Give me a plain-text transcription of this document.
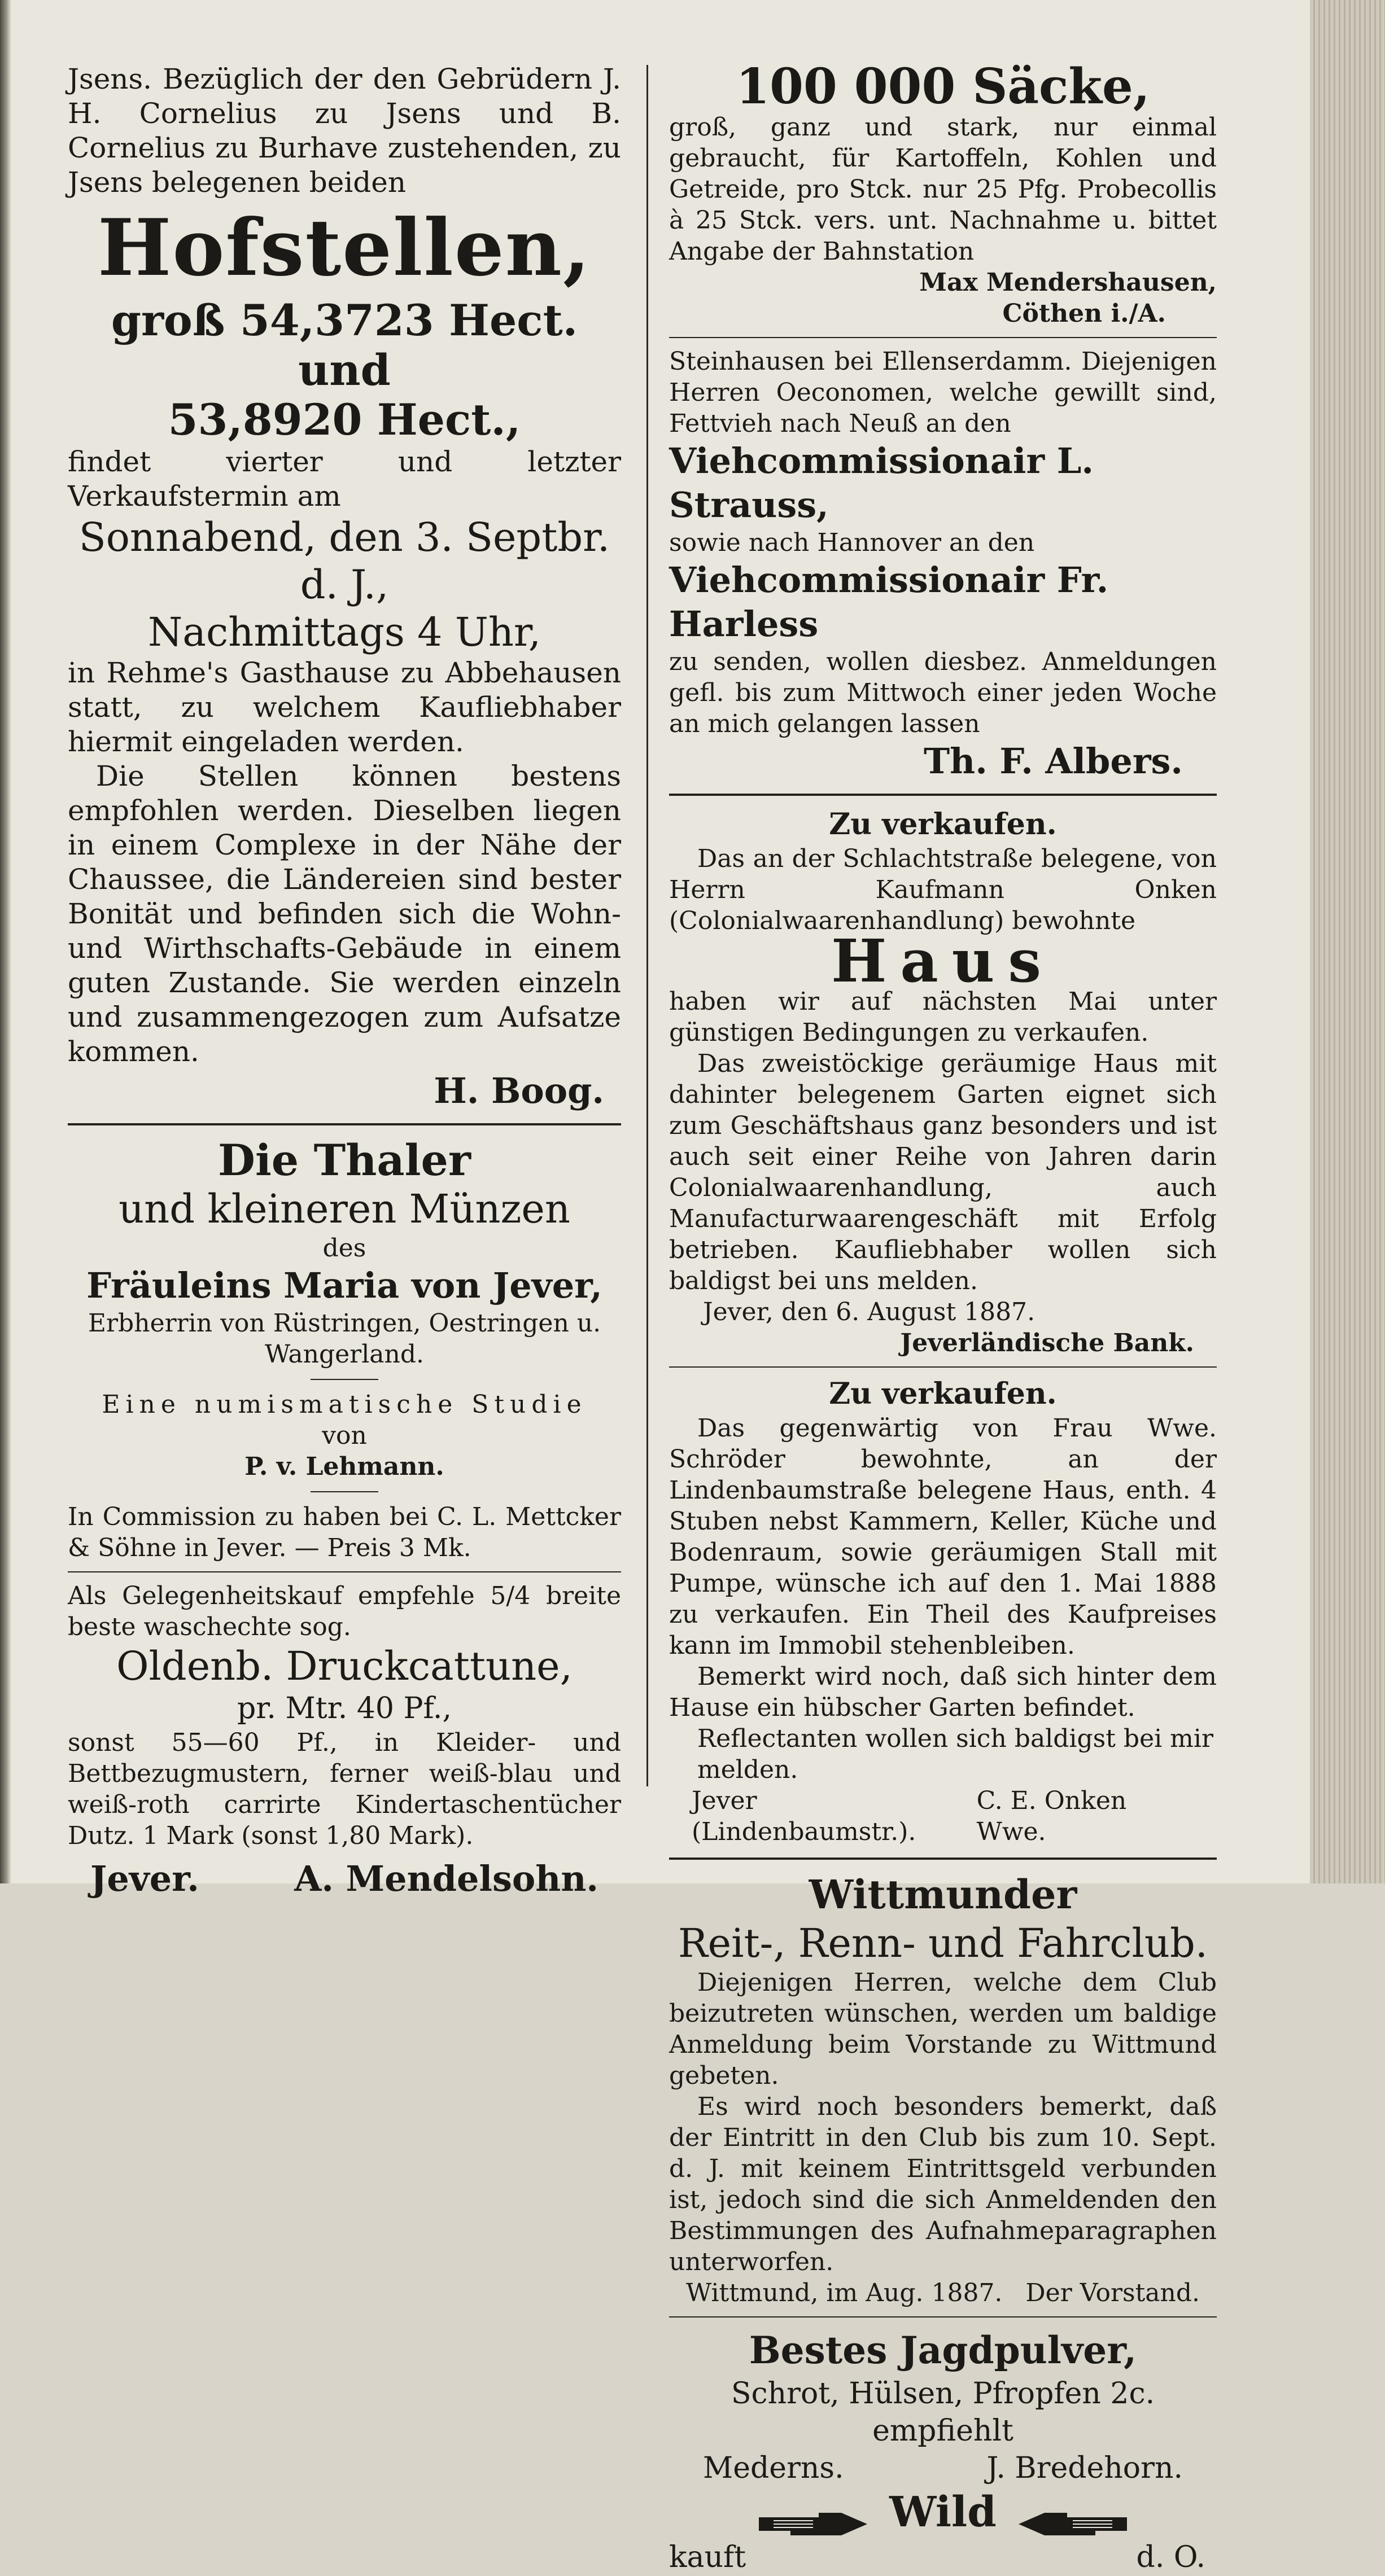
Jsens. Bezüglich der den Gebrüdern J. H. Cornelius zu Jsens und B. Cornelius zu Burhave zustehenden, zu Jsens belegenen beiden

Hofstellen,

groß 54,3723 Hect. und

53,8920 Hect.,

findet vierter und letzter Verkaufstermin am

Sonnabend, den 3. Septbr. d. J.,

Nachmittags 4 Uhr,

in Rehme's Gasthause zu Abbehausen statt, zu welchem Kaufliebhaber hiermit eingeladen werden.

Die Stellen können bestens empfohlen werden. Dieselben liegen in einem Complexe in der Nähe der Chaussee, die Ländereien sind bester Bonität und befinden sich die Wohn- und Wirthschafts-Gebäude in einem guten Zustande. Sie werden einzeln und zusammengezogen zum Aufsatze kommen.

H. Boog.

Die Thaler

und kleineren Münzen

des

Fräuleins Maria von Jever,

Erbherrin von Rüstringen, Oestringen u. Wangerland.

Eine numismatische Studie

von

P. v. Lehmann.

In Commission zu haben bei C. L. Mettcker & Söhne in Jever. — Preis 3 Mk.

Als Gelegenheitskauf empfehle 5/4 breite beste waschechte sog.

Oldenb. Druckcattune,

pr. Mtr. 40 Pf.,

sonst 55—60 Pf., in Kleider- und Bettbezugmustern, ferner weiß-blau und weiß-roth carrirte Kindertaschentücher Dutz. 1 Mark (sonst 1,80 Mark).

Jever.	A. Mendelsohn.

100 000 Säcke,

groß, ganz und stark, nur einmal gebraucht, für Kartoffeln, Kohlen und Getreide, pro Stck. nur 25 Pfg. Probecollis à 25 Stck. vers. unt. Nachnahme u. bittet Angabe der Bahnstation

Max Mendershausen,

Cöthen i./A.

Steinhausen bei Ellenserdamm. Diejenigen Herren Oeconomen, welche gewillt sind, Fettvieh nach Neuß an den

Viehcommissionair L. Strauss,

sowie nach Hannover an den

Viehcommissionair Fr. Harless

zu senden, wollen diesbez. Anmeldungen gefl. bis zum Mittwoch einer jeden Woche an mich gelangen lassen

Th. F. Albers.

Zu verkaufen.

Das an der Schlachtstraße belegene, von Herrn Kaufmann Onken (Colonialwaarenhandlung) bewohnte

Haus

haben wir auf nächsten Mai unter günstigen Bedingungen zu verkaufen.

Das zweistöckige geräumige Haus mit dahinter belegenem Garten eignet sich zum Geschäftshaus ganz besonders und ist auch seit einer Reihe von Jahren darin Colonialwaarenhandlung, auch Manufacturwaarengeschäft mit Erfolg betrieben. Kaufliebhaber wollen sich baldigst bei uns melden.

Jever, den 6. August 1887.

Jeverländische Bank.

Zu verkaufen.

Das gegenwärtig von Frau Wwe. Schröder bewohnte, an der Lindenbaumstraße belegene Haus, enth. 4 Stuben nebst Kammern, Keller, Küche und Bodenraum, sowie geräumigen Stall mit Pumpe, wünsche ich auf den 1. Mai 1888 zu verkaufen. Ein Theil des Kaufpreises kann im Immobil stehenbleiben.

Bemerkt wird noch, daß sich hinter dem Hause ein hübscher Garten befindet.

Reflectanten wollen sich baldigst bei mir melden.

Jever (Lindenbaumstr.).
C. E. Onken Wwe.

Wittmunder

Reit-, Renn- und Fahrclub.

Diejenigen Herren, welche dem Club beizutreten wünschen, werden um baldige Anmeldung beim Vorstande zu Wittmund gebeten.

Es wird noch besonders bemerkt, daß der Eintritt in den Club bis zum 10. Sept. d. J. mit keinem Eintrittsgeld verbunden ist, jedoch sind die sich Anmeldenden den Bestimmungen des Aufnahmeparagraphen unterworfen.

Wittmund, im Aug. 1887. Der Vorstand.

Bestes Jagdpulver,

Schrot, Hülsen, Pfropfen 2c. empfiehlt

Mederns.	J. Bredehorn.
Wild
kauft	d. O.
